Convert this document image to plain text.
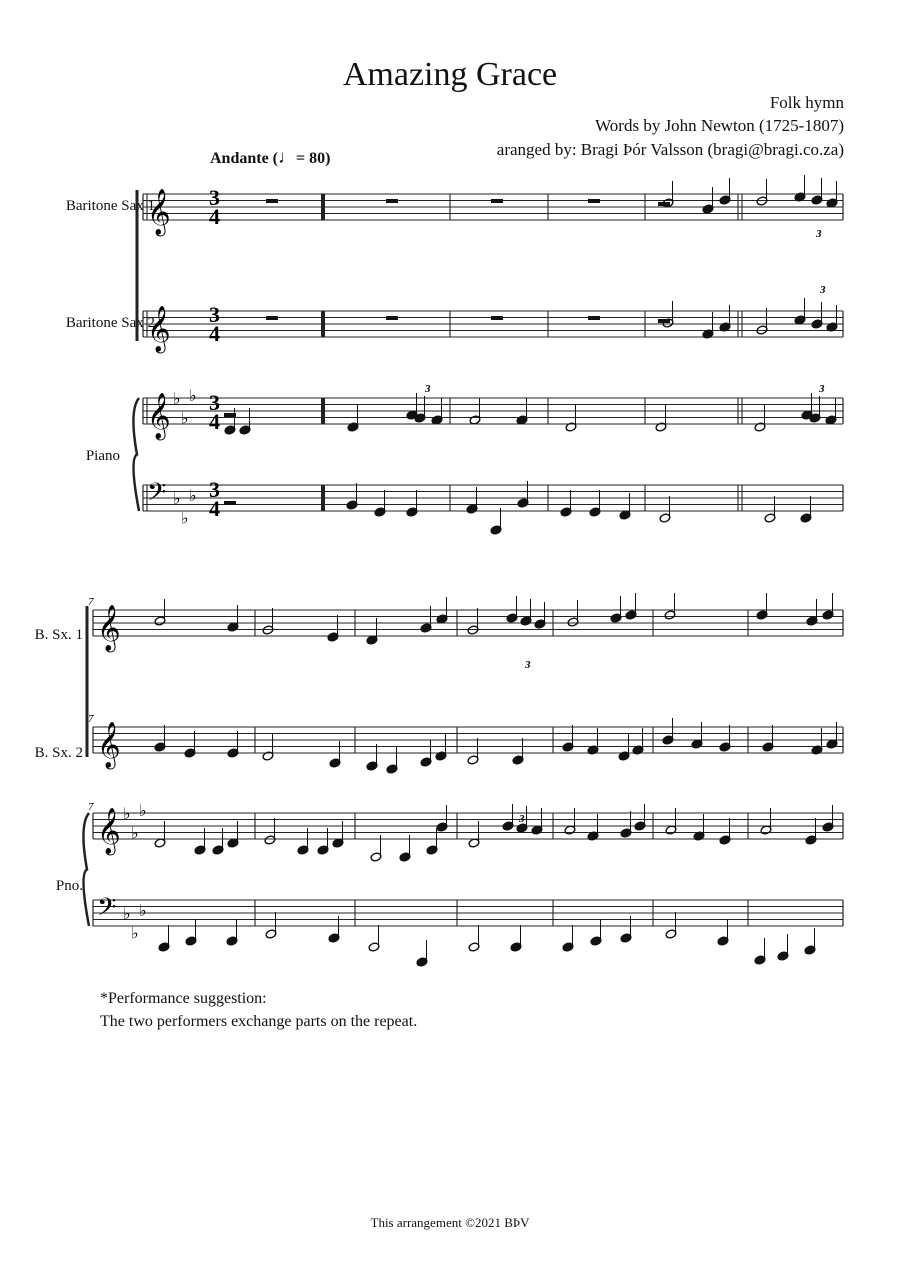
Amazing Grace

Folk hymn

Words by John Newton (1725-1807)

aranged by: Bragi Þór Valsson (bragi@bragi.co.za)

Andante (♩= 80)

Baritone Sax 1

Baritone Sax 2

Piano

B. Sx. 1

B. Sx. 2

Pno.

𝄞
𝄞
𝄞 ♭
♭
♭
𝄢 ♭
♭
♭
𝄞
𝄞
𝄞 ♭
♭
♭
𝄢 ♭
♭
♭
3
4
3
4
3
4
3
4
7
7
7
3
3
3	3
3
3

*Performance suggestion:

The two performers exchange parts on the repeat.

This arrangement ©2021 BÞV
